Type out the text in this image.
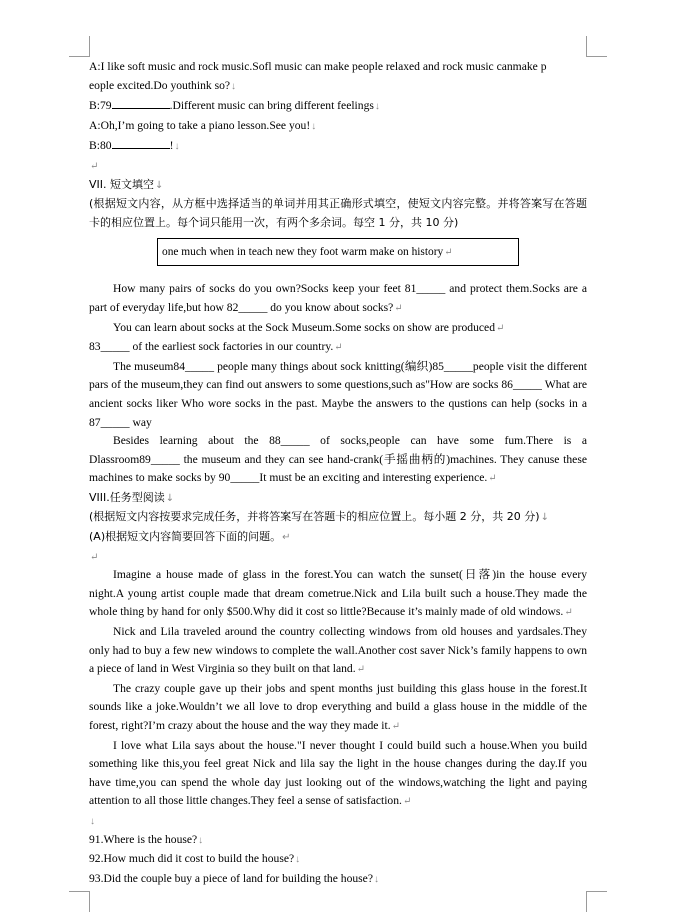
A:I like soft music and rock music.Sofl music can make people relaxed and rock music canmake p
eople excited.Do youthink so?↓
B:79	.Different music can bring different feelings↓
A:Oh,I’m going to take a piano lesson.See you!↓
B:80	!↓
↵
VII. 短文填空↓
(根据短文内容，从方框中选择适当的单词并用其正确形式填空，使短文内容完整。并将答案写在答题卡的相应位置上。每个词只能用一次，有两个多余词。每空 1 分，共 10 分)
one much when in teach new they foot warm make on history↵
How many pairs of socks do you own?Socks keep your feet 81_____ and protect them.Socks are a part of everyday life,but how 82_____ do you know about socks?↵
You can learn about socks at the Sock Museum.Some socks on show are produced↵
83_____ of the earliest sock factories in our country.↵
The museum84_____ people many things about sock knitting(编织)85_____people visit the different pars of the museum,they can find out answers to some questions,such as"How are socks 86_____ What are ancient socks liker Who wore socks in the past. Maybe the answers to the qustions can help (socks in a 87_____ way
Besides learning about the 88_____ of socks,people can have some fum.There is a Dlassroom89_____ the museum and they can see hand-crank(手摇曲柄的)machines. They canuse these machines to make socks by 90_____It must be an exciting and interesting experience.↵
VIII.任务型阅读↓
(根据短文内容按要求完成任务，并将答案写在答题卡的相应位置上。每小题 2 分，共 20 分)↓
(A)根据短文内容简要回答下面的问题。↵
↵
Imagine a house made of glass in the forest.You can watch the sunset(日落)in the house every night.A young artist couple made that dream cometrue.Nick and Lila built such a house.They made the whole thing by hand for only $500.Why did it cost so little?Because it’s mainly made of old windows.↵
Nick and Lila traveled around the country collecting windows from old houses and yardsales.They only had to buy a few new windows to complete the wall.Another cost saver Nick’s family happens to own a piece of land in West Virginia so they built on that land.↵
The crazy couple gave up their jobs and spent months just building this glass house in the forest.It sounds like a joke.Wouldn’t we all love to drop everything and build a glass house in the middle of the forest, right?I’m crazy about the house and the way they made it.↵
I love what Lila says about the house."I never thought I could build such a house.When you build something like this,you feel great Nick and lila say the light in the house changes during the day.If you have time,you can spend the whole day just looking out of the windows,watching the light and paying attention to all those little changes.They feel a sense of satisfaction.↵
↓
91.Where is the house?↓
92.How much did it cost to build the house?↓
93.Did the couple buy a piece of land for building the house?↓
